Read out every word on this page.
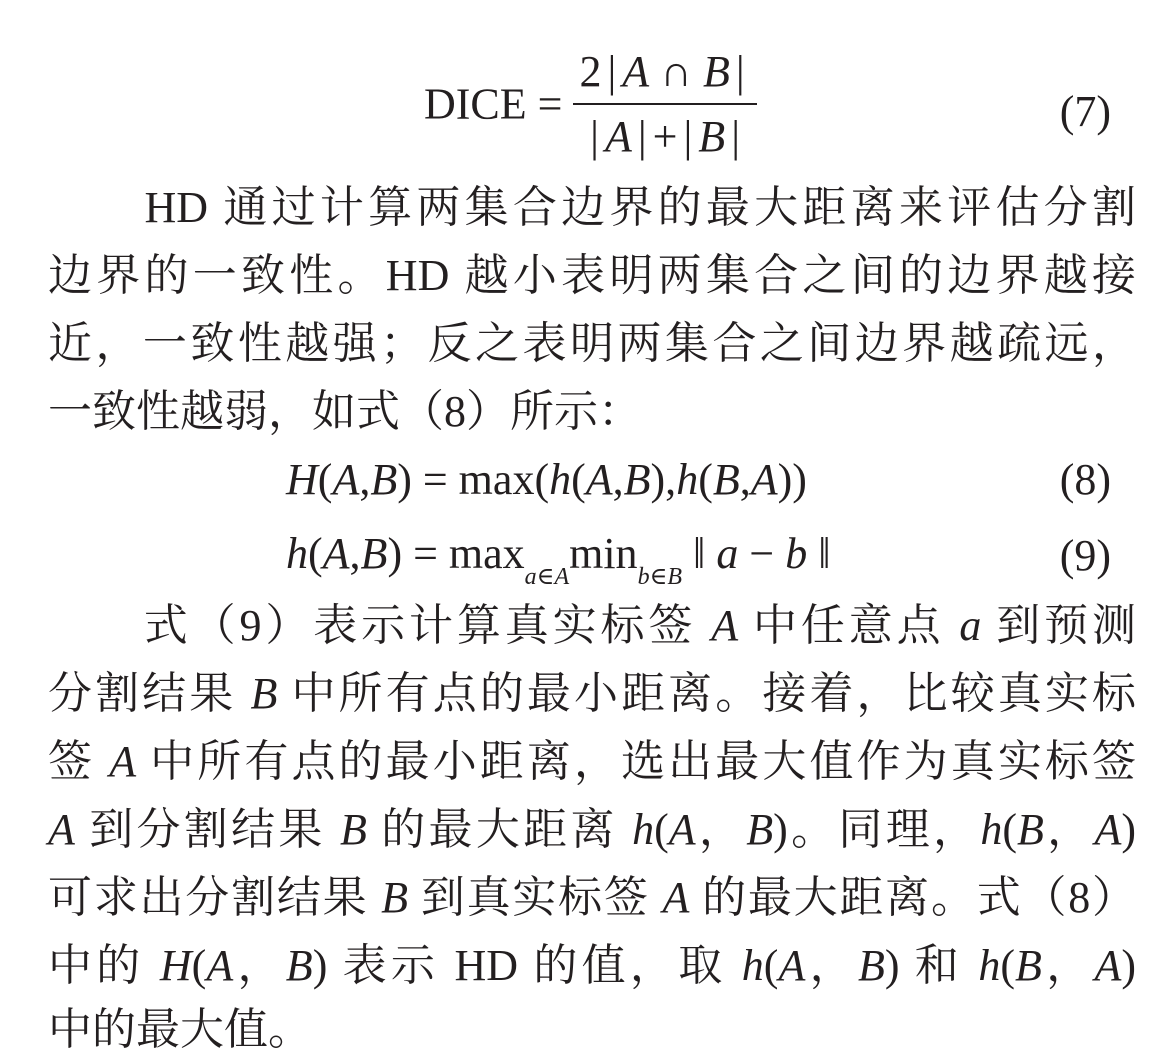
DICE = $\frac{2 | A \cap B |}{| A | + | B |}$	(7)
　　HD 通过计算两集合边界的最大距离来评估分割
边界的一致性。HD 越小表明两集合之间的边界越接
近，一致性越强；反之表明两集合之间边界越疏远，
一致性越弱，如式（8）所示：
H(A,B) = max(h(A,B),h(B,A))	(8)
$h(A,B) = \max_{a\in A}\min_{b\in B}$ ‖ a − b ‖	(9)
　　式（9）表示计算真实标签 A 中任意点 a 到预测
分割结果 B 中所有点的最小距离。接着，比较真实标
签 A 中所有点的最小距离，选出最大值作为真实标签
A 到分割结果 B 的最大距离 h(A，B)。同理，h(B，A)
可求出分割结果 B 到真实标签 A 的最大距离。式（8）
中的 H(A，B) 表示 HD 的值，取 h(A，B) 和 h(B，A)
中的最大值。
